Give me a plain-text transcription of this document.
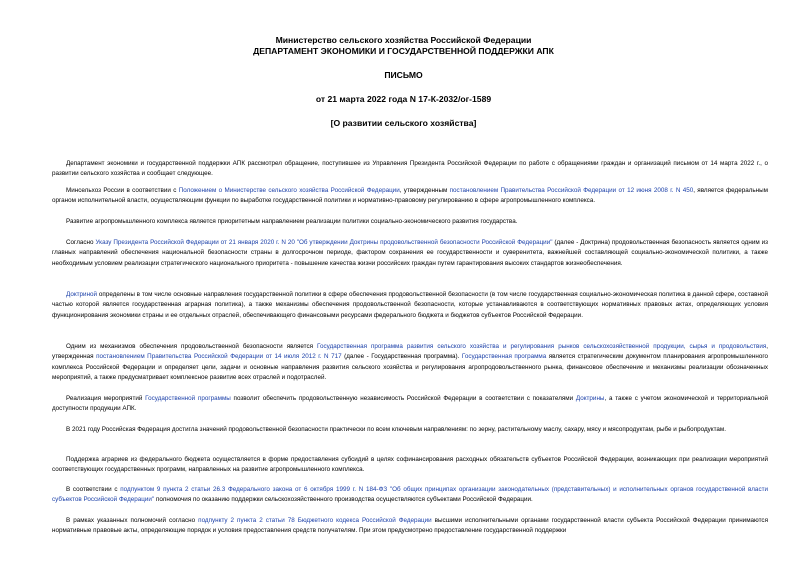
Министерство сельского хозяйства Российской Федерации
ДЕПАРТАМЕНТ ЭКОНОМИКИ И ГОСУДАРСТВЕННОЙ ПОДДЕРЖКИ АПК
ПИСЬМО
от 21 марта 2022 года N 17-К-2032/ог-1589
[О развитии сельского хозяйства]
Департамент экономики и государственной поддержки АПК рассмотрел обращение, поступившее из Управления Президента Российской Федерации по работе с обращениями граждан и организаций письмом от 14 марта 2022 г., о развитии сельского хозяйства и сообщает следующее.
Минсельхоз России в соответствии с Положением о Министерстве сельского хозяйства Российской Федерации, утвержденным постановлением Правительства Российской Федерации от 12 июня 2008 г. N 450, является федеральным органом исполнительной власти, осуществляющим функции по выработке государственной политики и нормативно-правовому регулированию в сфере агропромышленного комплекса.
Развитие агропромышленного комплекса является приоритетным направлением реализации политики социально-экономического развития государства.
Согласно Указу Президента Российской Федерации от 21 января 2020 г. N 20 "Об утверждении Доктрины продовольственной безопасности Российской Федерации" (далее - Доктрина) продовольственная безопасность является одним из главных направлений обеспечения национальной безопасности страны в долгосрочном периоде, фактором сохранения ее государственности и суверенитета, важнейшей составляющей социально-экономической политики, а также необходимым условием реализации стратегического национального приоритета - повышение качества жизни российских граждан путем гарантирования высоких стандартов жизнеобеспечения.
Доктриной определены в том числе основные направления государственной политики в сфере обеспечения продовольственной безопасности (в том числе государственная социально-экономическая политика в данной сфере, составной частью которой является государственная аграрная политика), а также механизмы обеспечения продовольственной безопасности, которые устанавливаются в соответствующих нормативных правовых актах, определяющих условия функционирования экономики страны и ее отдельных отраслей, обеспечивающего финансовыми ресурсами федерального бюджета и бюджетов субъектов Российской Федерации.
Одним из механизмов обеспечения продовольственной безопасности является Государственная программа развития сельского хозяйства и регулирования рынков сельскохозяйственной продукции, сырья и продовольствия, утвержденная постановлением Правительства Российской Федерации от 14 июля 2012 г. N 717 (далее - Государственная программа). Государственная программа является стратегическим документом планирования агропромышленного комплекса Российской Федерации и определяет цели, задачи и основные направления развития сельского хозяйства и регулирования агропродовольственного рынка, финансовое обеспечение и механизмы реализации обозначенных мероприятий, а также предусматривает комплексное развитие всех отраслей и подотраслей.
Реализация мероприятий Государственной программы позволит обеспечить продовольственную независимость Российской Федерации в соответствии с показателями Доктрины, а также с учетом экономической и территориальной доступности продукции АПК.
В 2021 году Российская Федерация достигла значений продовольственной безопасности практически по всем ключевым направлениям: по зерну, растительному маслу, сахару, мясу и мясопродуктам, рыбе и рыбопродуктам.
Поддержка аграриев из федерального бюджета осуществляется в форме предоставления субсидий в целях софинансирования расходных обязательств субъектов Российской Федерации, возникающих при реализации мероприятий соответствующих государственных программ, направленных на развитие агропромышленного комплекса.
В соответствии с подпунктом 9 пункта 2 статьи 26.3 Федерального закона от 6 октября 1999 г. N 184-ФЗ "Об общих принципах организации законодательных (представительных) и исполнительных органов государственной власти субъектов Российской Федерации" полномочия по оказанию поддержки сельскохозяйственного производства осуществляются субъектами Российской Федерации.
В рамках указанных полномочий согласно подпункту 2 пункта 2 статьи 78 Бюджетного кодекса Российской Федерации высшими исполнительными органами государственной власти субъекта Российской Федерации принимаются нормативные правовые акты, определяющие порядок и условия предоставления средств получателям. При этом предусмотрено предоставление государственной поддержки
